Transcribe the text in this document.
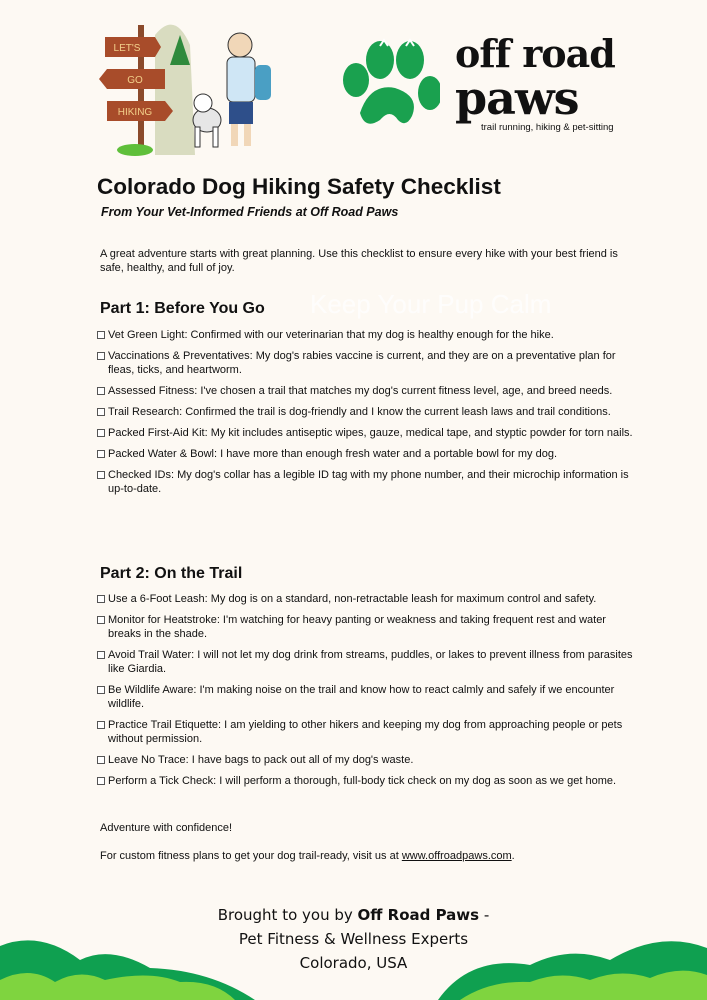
LET'S
GO
HIKING
off road
paws
trail running, hiking & pet-sitting
Colorado Dog Hiking Safety Checklist
From Your Vet-Informed Friends at Off Road Paws
A great adventure starts with great planning. Use this checklist to ensure every hike with your best friend is safe, healthy, and full of joy.
Keep Your Pup Calm
Part 1: Before You Go
Vet Green Light: Confirmed with our veterinarian that my dog is healthy enough for the hike.
Vaccinations & Preventatives: My dog's rabies vaccine is current, and they are on a preventative plan for fleas, ticks, and heartworm.
Assessed Fitness: I've chosen a trail that matches my dog's current fitness level, age, and breed needs.
Trail Research: Confirmed the trail is dog-friendly and I know the current leash laws and trail conditions.
Packed First-Aid Kit: My kit includes antiseptic wipes, gauze, medical tape, and styptic powder for torn nails.
Packed Water & Bowl: I have more than enough fresh water and a portable bowl for my dog.
Checked IDs: My dog's collar has a legible ID tag with my phone number, and their microchip information is up-to-date.
Part 2: On the Trail
Use a 6-Foot Leash: My dog is on a standard, non-retractable leash for maximum control and safety.
Monitor for Heatstroke: I'm watching for heavy panting or weakness and taking frequent rest and water breaks in the shade.
Avoid Trail Water: I will not let my dog drink from streams, puddles, or lakes to prevent illness from parasites like Giardia.
Be Wildlife Aware: I'm making noise on the trail and know how to react calmly and safely if we encounter wildlife.
Practice Trail Etiquette: I am yielding to other hikers and keeping my dog from approaching people or pets without permission.
Leave No Trace: I have bags to pack out all of my dog's waste.
Perform a Tick Check: I will perform a thorough, full-body tick check on my dog as soon as we get home.
Adventure with confidence!
For custom fitness plans to get your dog trail-ready, visit us at www.offroadpaws.com.
Brought to you by Off Road Paws -
Pet Fitness & Wellness Experts
Colorado, USA
